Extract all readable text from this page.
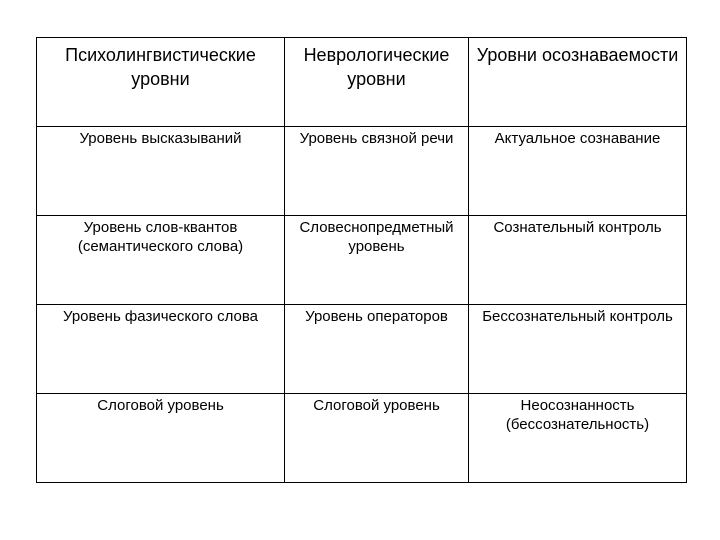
Психолингвистические уровни	Неврологические уровни	Уровни осознаваемости
Уровень высказываний	Уровень связной речи	Актуальное сознавание
Уровень слов-квантов (семантического слова)	Словеснопредметный уровень	Сознательный контроль
Уровень фазического слова	Уровень операторов	Бессознательный контроль
Слоговой уровень	Слоговой уровень	Неосознанность (бессознательность)
